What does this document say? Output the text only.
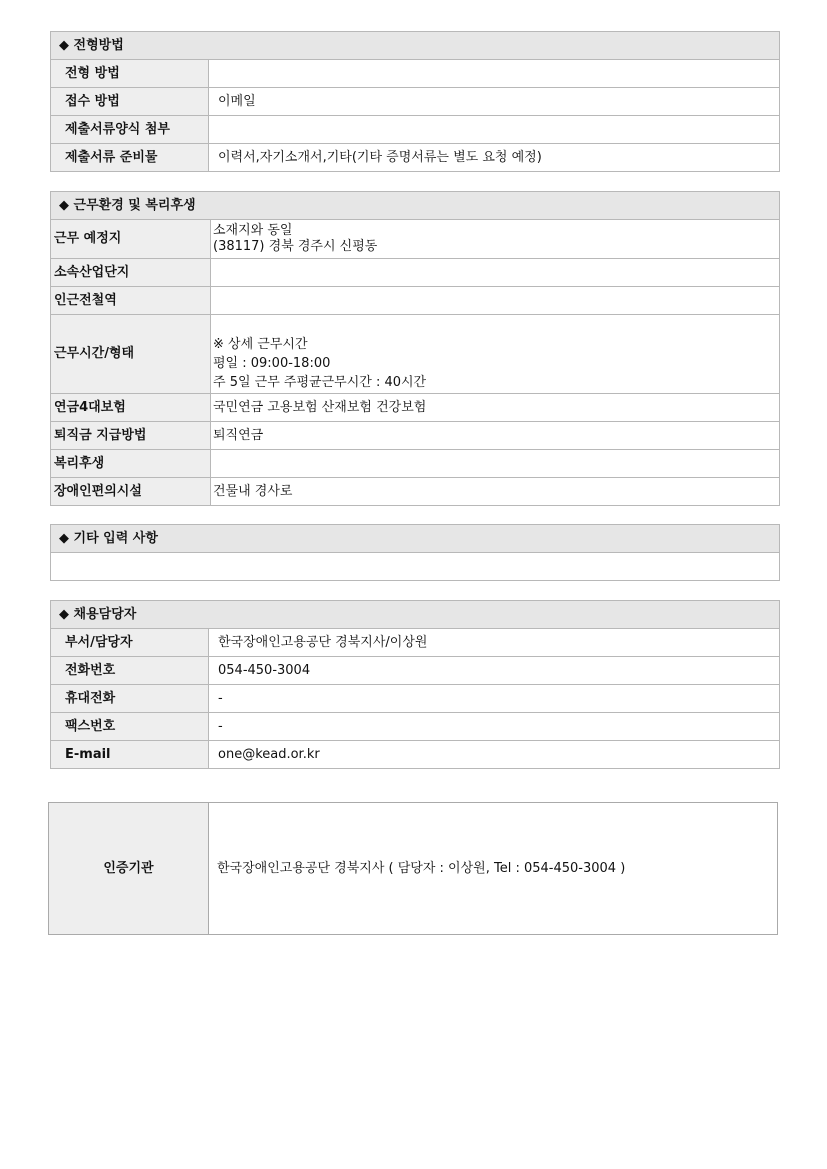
◆ 전형방법	
전형 방법	
접수 방법	이메일
제출서류양식 첨부	
제출서류 준비물	이력서,자기소개서,기타(기타 증명서류는 별도 요청 예정)
◆ 근무환경 및 복리후생	
근무 예정지	소재지와 동일
(38117) 경북 경주시 신평동

소속산업단지	
인근전철역	
근무시간/형태	※ 상세 근무시간
평일 : 09:00-18:00
주 5일 근무 주평균근무시간 : 40시간

연금4대보험	국민연금 고용보험 산재보험 건강보험
퇴직금 지급방법	퇴직연금
복리후생	
장애인편의시설	건물내 경사로
◆ 기타 입력 사항

◆ 채용담당자	
부서/담당자	한국장애인고용공단 경북지사/이상원
전화번호	054-450-3004
휴대전화	-
팩스번호	-
E-mail	one@kead.or.kr
인증기관	한국장애인고용공단 경북지사 ( 담당자 : 이상원, Tel : 054-450-3004 )
